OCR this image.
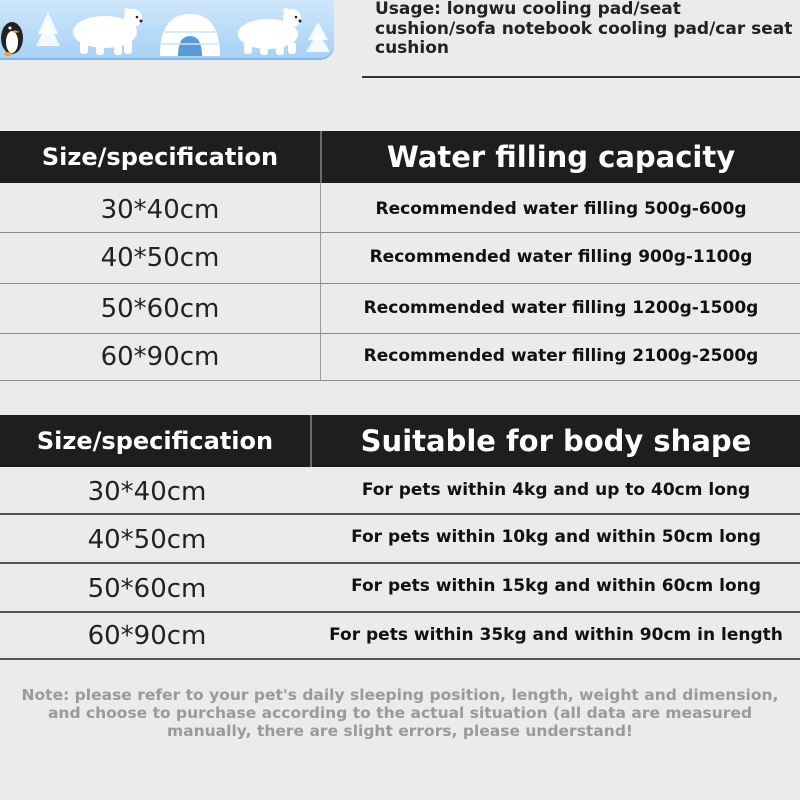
Usage: longwu cooling pad/seat
cushion/sofa notebook cooling pad/car seat
cushion
Size/specification	Water filling capacity
30*40cm	Recommended water filling 500g-600g
40*50cm	Recommended water filling 900g-1100g
50*60cm	Recommended water filling 1200g-1500g
60*90cm	Recommended water filling 2100g-2500g
Size/specification	Suitable for body shape
30*40cm	For pets within 4kg and up to 40cm long
40*50cm	For pets within 10kg and within 50cm long
50*60cm	For pets within 15kg and within 60cm long
60*90cm	For pets within 35kg and within 90cm in length
Note: please refer to your pet's daily sleeping position, length, weight and dimension,
and choose to purchase according to the actual situation (all data are measured
manually, there are slight errors, please understand!
